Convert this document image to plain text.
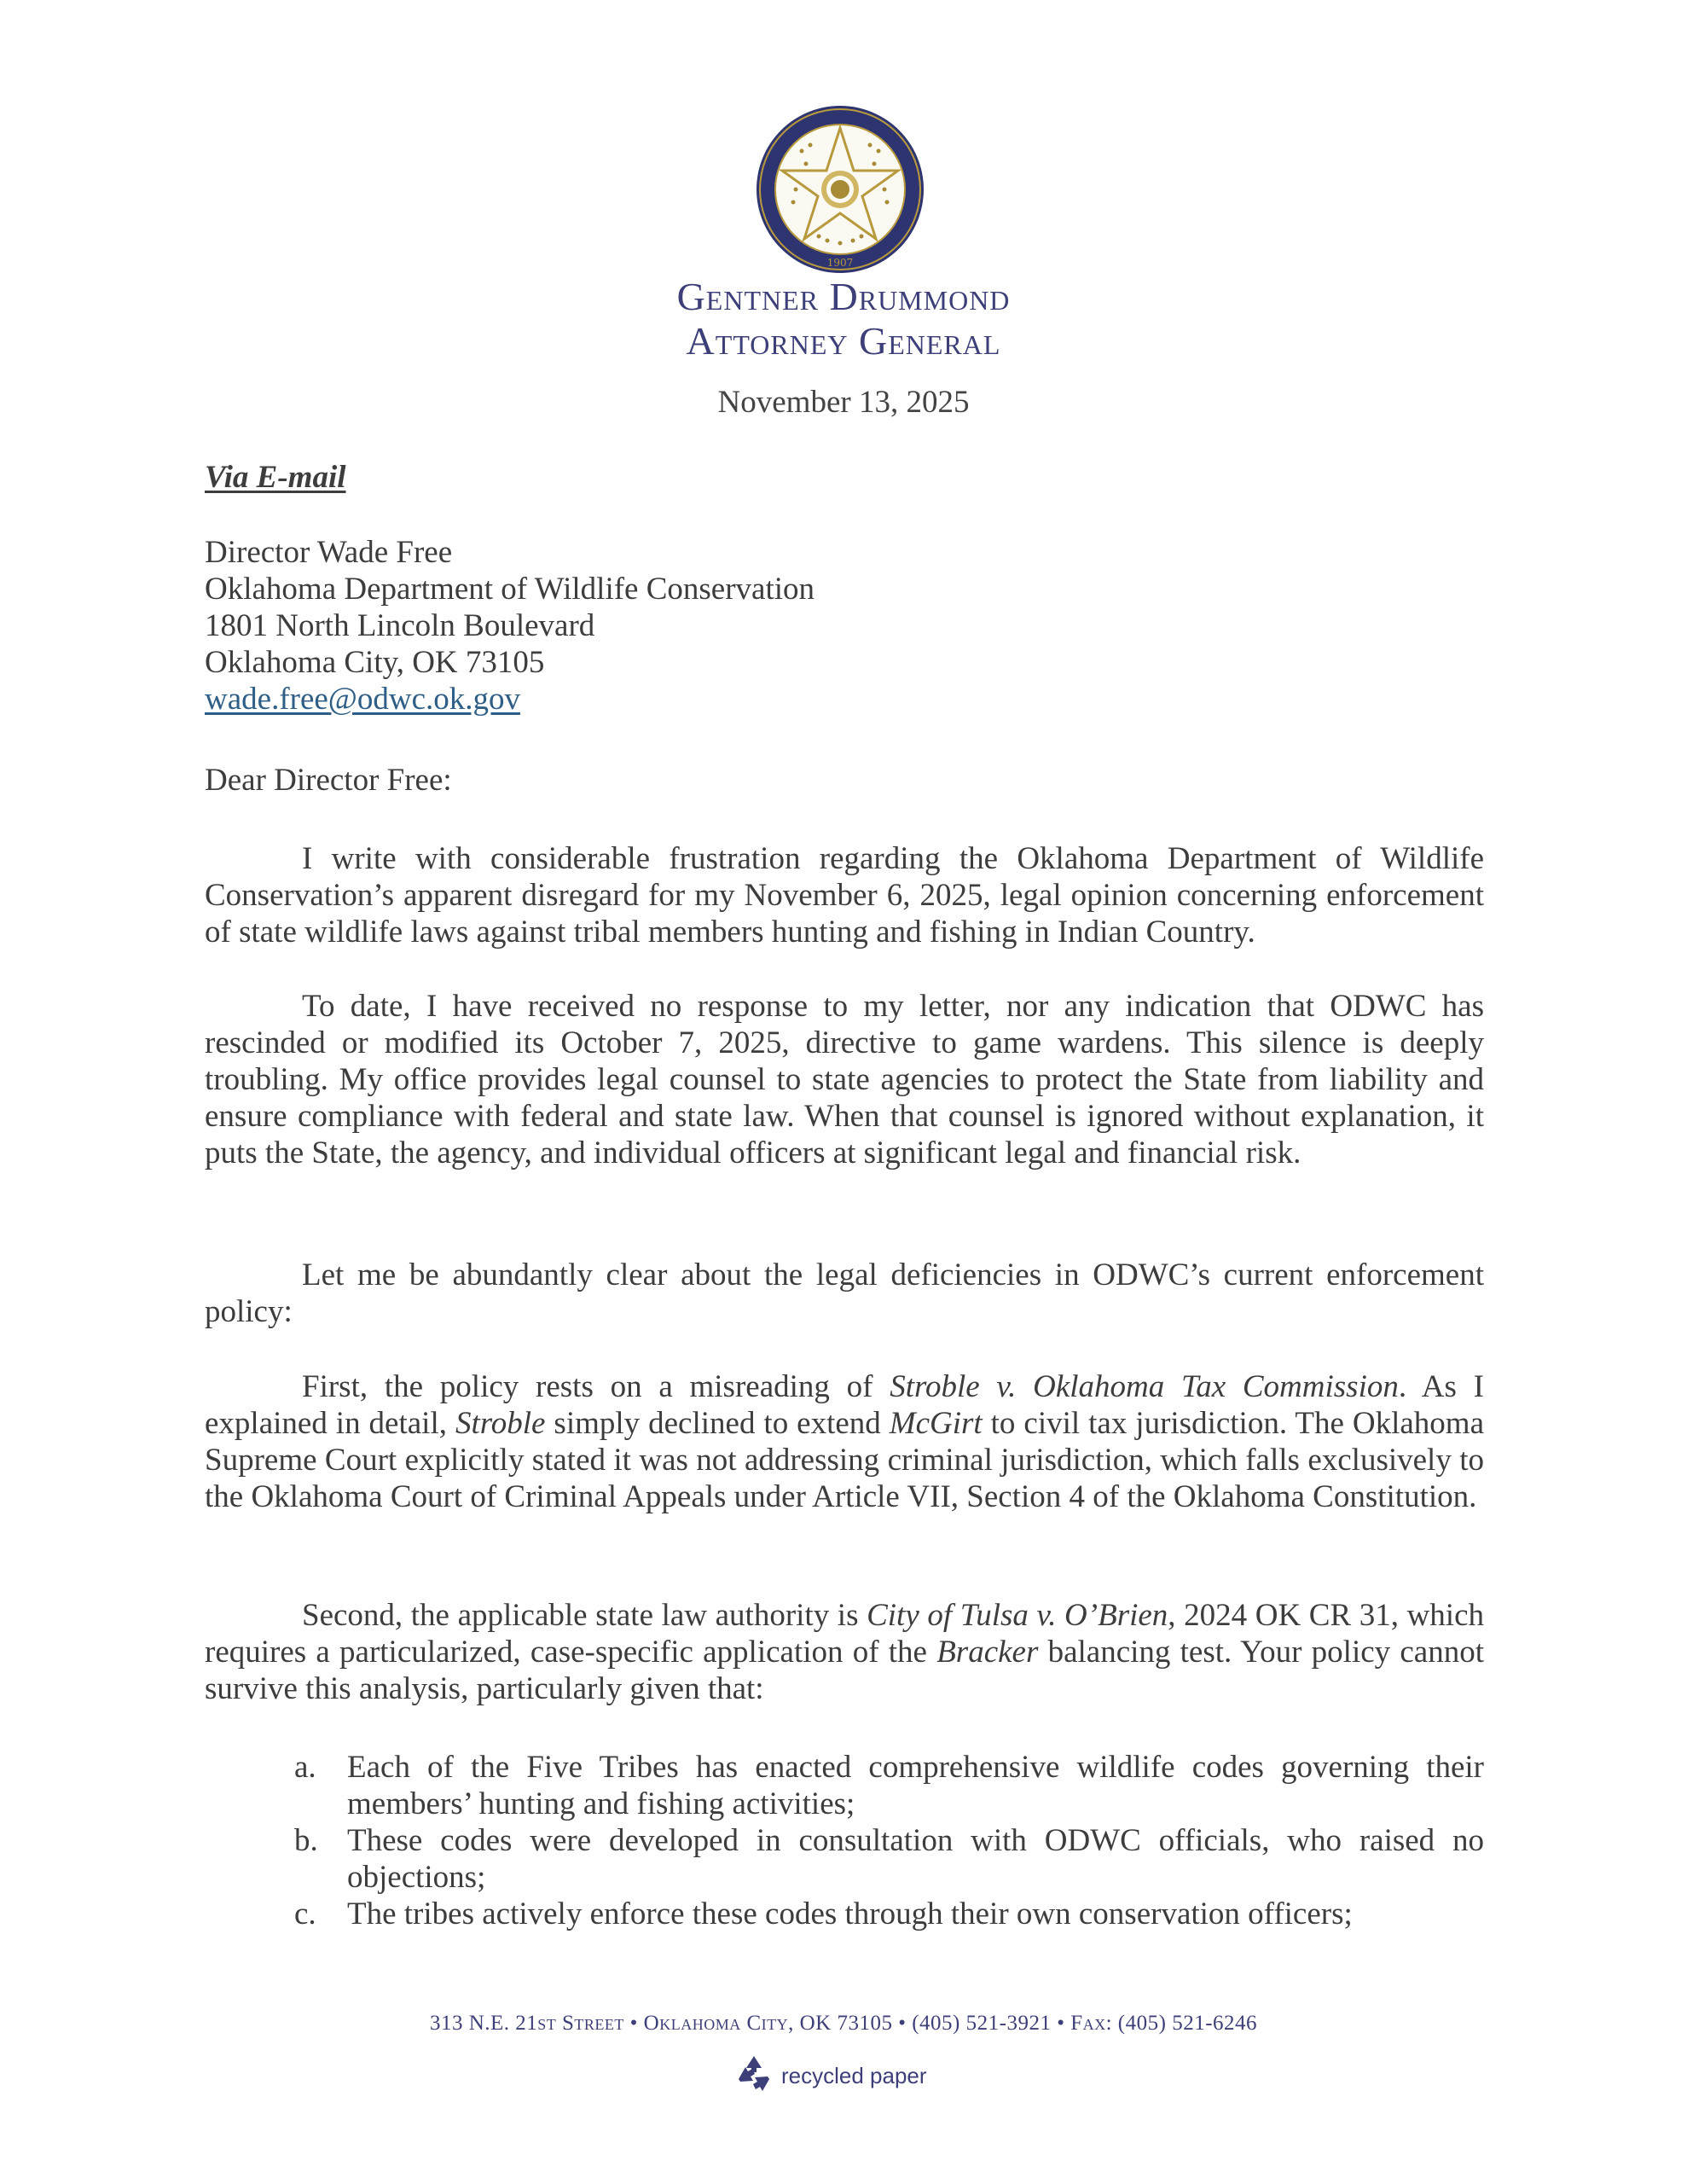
1907
Gentner Drummond
Attorney General
November 13, 2025
Via E-mail
Director Wade Free
Oklahoma Department of Wildlife Conservation
1801 North Lincoln Boulevard
Oklahoma City, OK 73105
wade.free@odwc.ok.gov
Dear Director Free:
I write with considerable frustration regarding the Oklahoma Department of Wildlife Conservation’s apparent disregard for my November 6, 2025, legal opinion concerning enforcement of state wildlife laws against tribal members hunting and fishing in Indian Country.
To date, I have received no response to my letter, nor any indication that ODWC has rescinded or modified its October 7, 2025, directive to game wardens. This silence is deeply troubling. My office provides legal counsel to state agencies to protect the State from liability and ensure compliance with federal and state law. When that counsel is ignored without explanation, it puts the State, the agency, and individual officers at significant legal and financial risk.
Let me be abundantly clear about the legal deficiencies in ODWC’s current enforcement policy:
First, the policy rests on a misreading of Stroble v. Oklahoma Tax Commission. As I explained in detail, Stroble simply declined to extend McGirt to civil tax jurisdiction. The Oklahoma Supreme Court explicitly stated it was not addressing criminal jurisdiction, which falls exclusively to the Oklahoma Court of Criminal Appeals under Article VII, Section 4 of the Oklahoma Constitution.
Second, the applicable state law authority is City of Tulsa v. O’Brien, 2024 OK CR 31, which requires a particularized, case-specific application of the Bracker balancing test. Your policy cannot survive this analysis, particularly given that:
a. Each of the Five Tribes has enacted comprehensive wildlife codes governing their members’ hunting and fishing activities;
b. These codes were developed in consultation with ODWC officials, who raised no objections;
c. The tribes actively enforce these codes through their own conservation officers;
313 N.E. 21st Street • Oklahoma City, OK 73105 • (405) 521-3921 • Fax: (405) 521-6246
recycled paper
